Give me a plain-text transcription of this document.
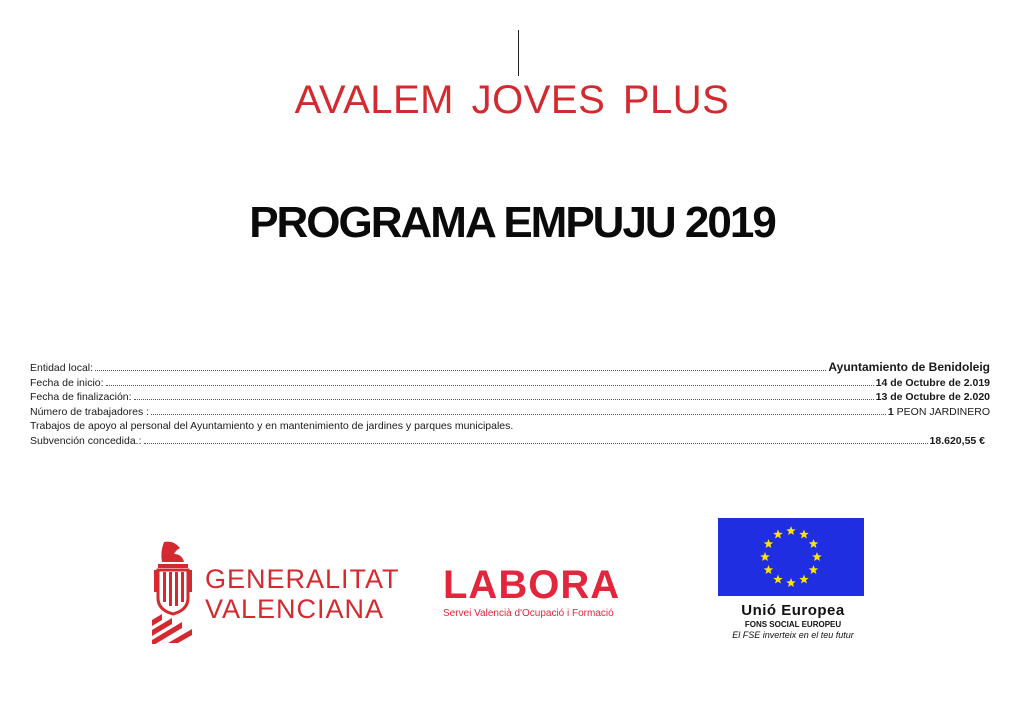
AVALEM JOVES PLUS
PROGRAMA EMPUJU 2019
Entidad local:	Ayuntamiento de Benidoleig
Fecha de inicio:	14 de Octubre de 2.019
Fecha de finalización:	13 de Octubre de 2.020
Número de trabajadores :	1 PEON JARDINERO
Trabajos de apoyo al personal del Ayuntamiento y en mantenimiento de jardines y parques municipales.
Subvención concedida.:	18.620,55 €
GENERALITAT
VALENCIANA
LABORA
Servei Valencià d'Ocupació i Formació	Unió Europea
FONS SOCIAL EUROPEU
El FSE inverteix en el teu futur
